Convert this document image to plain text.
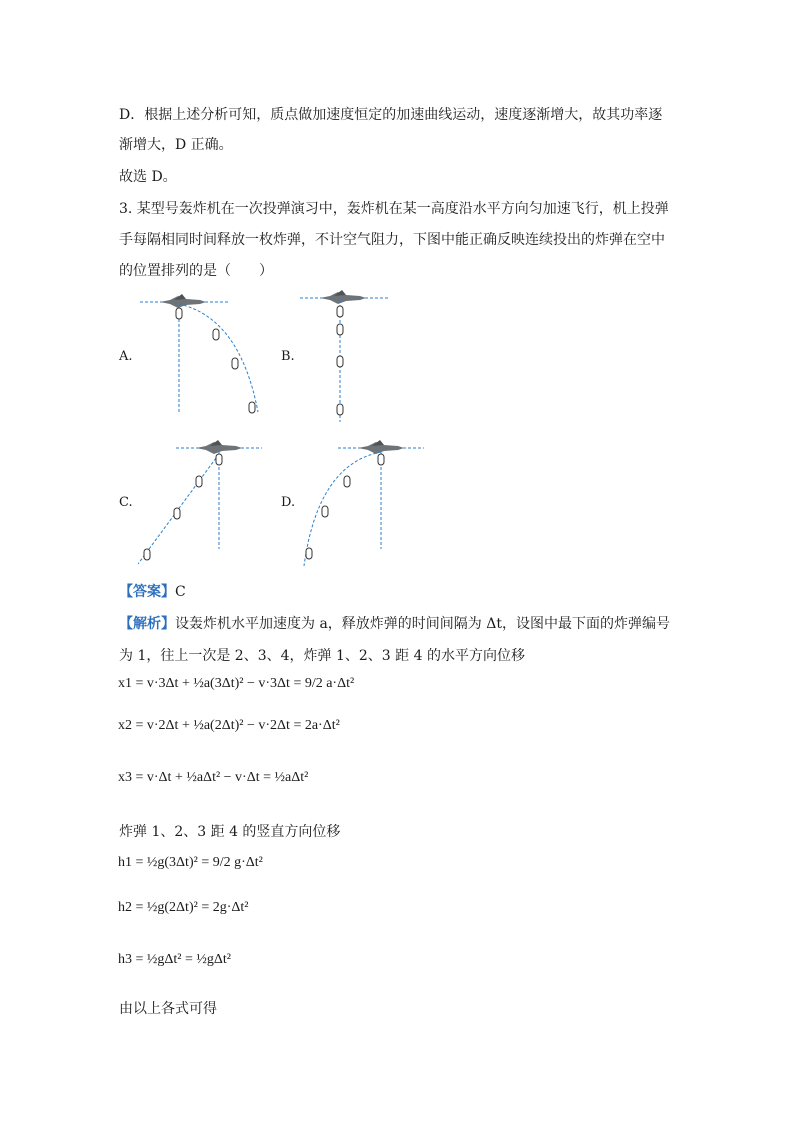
D．根据上述分析可知，质点做加速度恒定的加速曲线运动，速度逐渐增大，故其功率逐
渐增大，D 正确。
故选 D。
3. 某型号轰炸机在一次投弹演习中，轰炸机在某一高度沿水平方向匀加速飞行，机上投弹
手每隔相同时间释放一枚炸弹，不计空气阻力，下图中能正确反映连续投出的炸弹在空中
的位置排列的是（　　）
A.	B.
C.	D.
【答案】C
【解析】设轰炸机水平加速度为 a，释放炸弹的时间间隔为 Δt，设图中最下面的炸弹编号
为 1，往上一次是 2、3、4，炸弹 1、2、3 距 4 的水平方向位移
x1 = v·3Δt + ½a(3Δt)² − v·3Δt = 9/2 a·Δt²
x2 = v·2Δt + ½a(2Δt)² − v·2Δt = 2a·Δt²
x3 = v·Δt + ½aΔt² − v·Δt = ½aΔt²
炸弹 1、2、3 距 4 的竖直方向位移
h1 = ½g(3Δt)² = 9/2 g·Δt²
h2 = ½g(2Δt)² = 2g·Δt²
h3 = ½gΔt² = ½gΔt²
由以上各式可得
